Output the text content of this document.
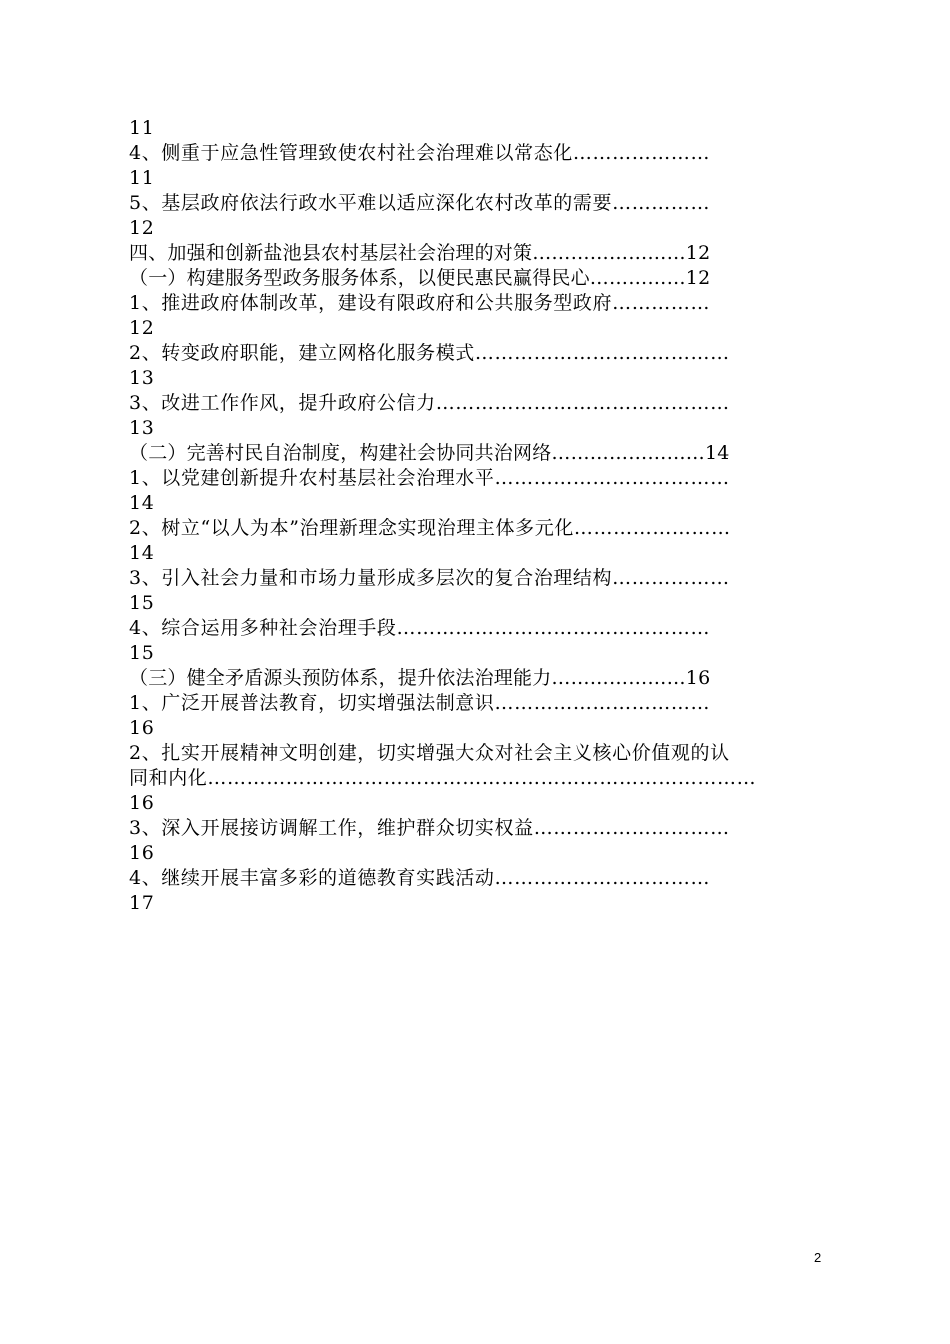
11
4、侧重于应急性管理致使农村社会治理难以常态化…………………
11
5、基层政府依法行政水平难以适应深化农村改革的需要……………
12
四、加强和创新盐池县农村基层社会治理的对策……………………12
（一）构建服务型政务服务体系，以便民惠民赢得民心……………12
1、推进政府体制改革，建设有限政府和公共服务型政府……………
12
2、转变政府职能，建立网格化服务模式…………………………………
13
3、改进工作作风，提升政府公信力………………………………………
13
（二）完善村民自治制度，构建社会协同共治网络……………………14
1、以党建创新提升农村基层社会治理水平………………………………
14
2、树立“以人为本”治理新理念实现治理主体多元化……………………
14
3、引入社会力量和市场力量形成多层次的复合治理结构………………
15
4、综合运用多种社会治理手段…………………………………………
15
（三）健全矛盾源头预防体系，提升依法治理能力…………………16
1、广泛开展普法教育，切实增强法制意识……………………………
16
2、扎实开展精神文明创建，切实增强大众对社会主义核心价值观的认
同和内化…………………………………………………………………………
16
3、深入开展接访调解工作，维护群众切实权益…………………………
16
4、继续开展丰富多彩的道德教育实践活动……………………………
17
2
